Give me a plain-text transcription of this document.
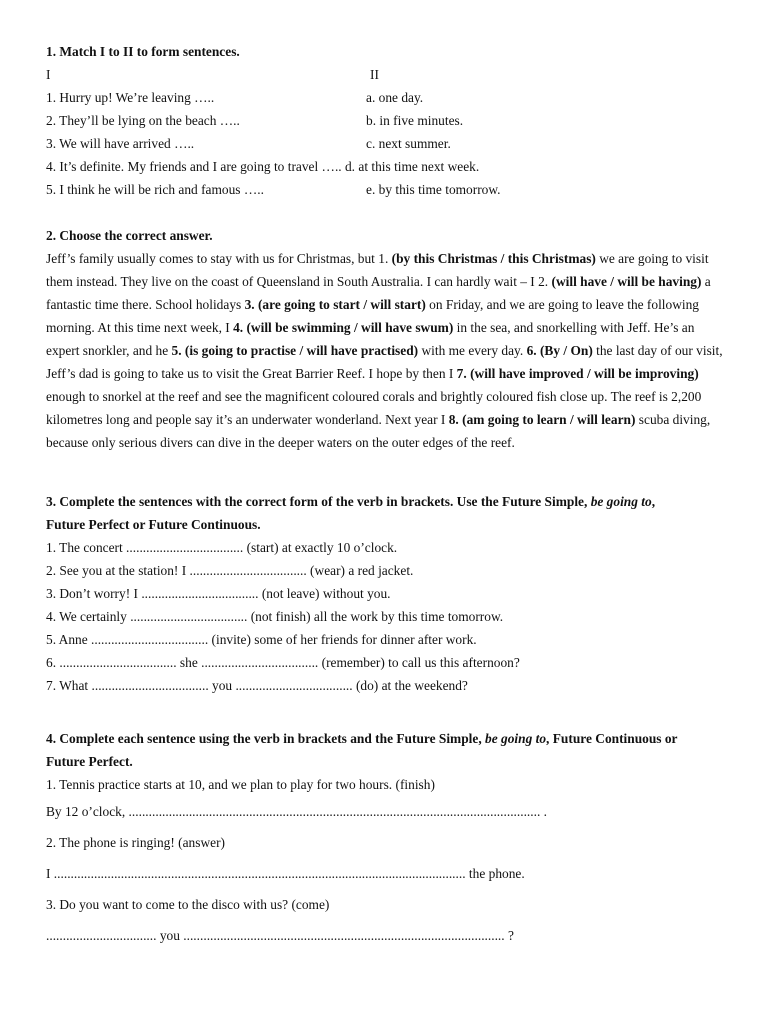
1. Match I to II to form sentences.
I	II
1. Hurry up! We’re leaving …..	a. one day.
2. They’ll be lying on the beach …..	b. in five minutes.
3. We will have arrived …..	c. next summer.
4. It’s definite. My friends and I are going to travel ….. d. at this time next week.
5. I think he will be rich and famous …..	e. by this time tomorrow.
2. Choose the correct answer.
Jeff’s family usually comes to stay with us for Christmas, but 1. (by this Christmas / this Christmas) we are going to visit them instead. They live on the coast of Queensland in South Australia. I can hardly wait – I 2. (will have / will be having) a fantastic time there. School holidays 3. (are going to start / will start) on Friday, and we are going to leave the following morning. At this time next week, I 4. (will be swimming / will have swum) in the sea, and snorkelling with Jeff. He’s an expert snorkler, and he 5. (is going to practise / will have practised) with me every day. 6. (By / On) the last day of our visit, Jeff’s dad is going to take us to visit the Great Barrier Reef. I hope by then I 7. (will have improved / will be improving) enough to snorkel at the reef and see the magnificent coloured corals and brightly coloured fish close up. The reef is 2,200 kilometres long and people say it’s an underwater wonderland. Next year I 8. (am going to learn / will learn) scuba diving, because only serious divers can dive in the deeper waters on the outer edges of the reef.
3. Complete the sentences with the correct form of the verb in brackets. Use the Future Simple, be going to,
Future Perfect or Future Continuous.
1. The concert ................................... (start) at exactly 10 o’clock.
2. See you at the station! I ................................... (wear) a red jacket.
3. Don’t worry! I ................................... (not leave) without you.
4. We certainly ................................... (not finish) all the work by this time tomorrow.
5. Anne ................................... (invite) some of her friends for dinner after work.
6. ................................... she ................................... (remember) to call us this afternoon?
7. What ................................... you ................................... (do) at the weekend?
4. Complete each sentence using the verb in brackets and the Future Simple, be going to, Future Continuous or
Future Perfect.
1. Tennis practice starts at 10, and we plan to play for two hours. (finish)
By 12 o’clock, ........................................................................................................................... .
2. The phone is ringing! (answer)
I ........................................................................................................................... the phone.
3. Do you want to come to the disco with us? (come)
................................. you ................................................................................................ ?
